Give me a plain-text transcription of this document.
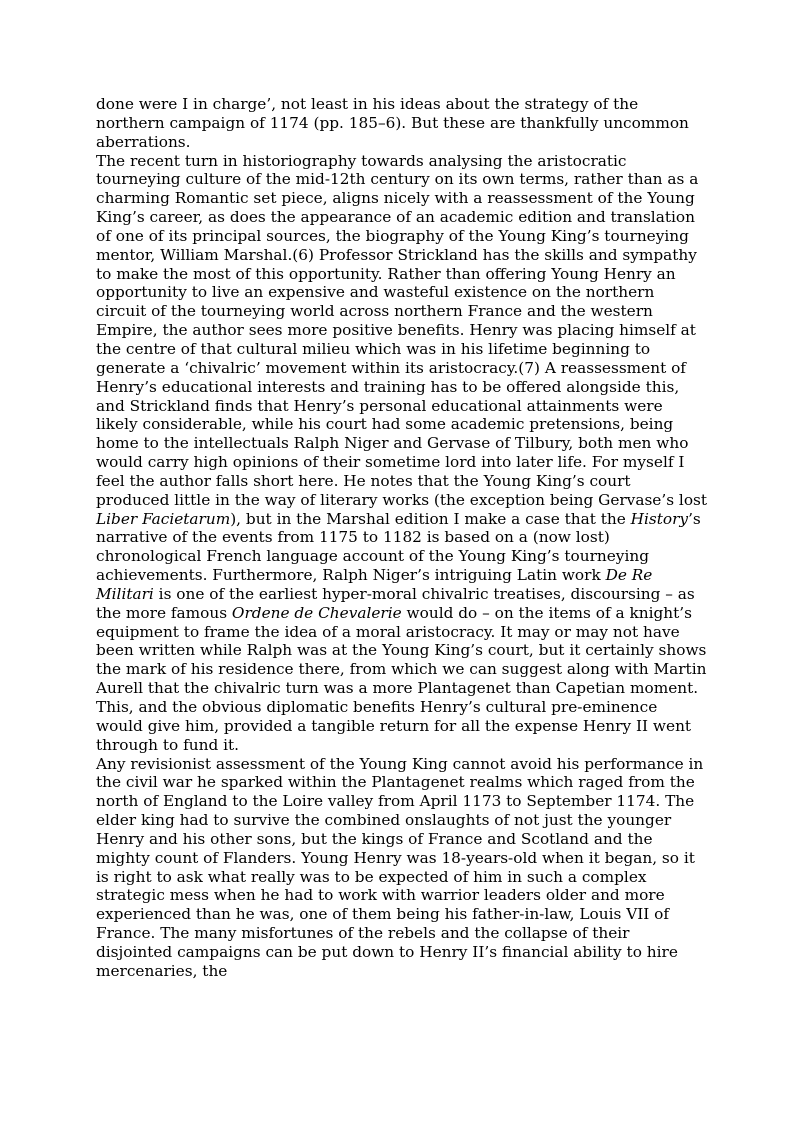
done were I in charge’, not least in his ideas about the strategy of the northern campaign of 1174 (pp. 185–6). But these are thankfully uncommon aberrations.

The recent turn in historiography towards analysing the aristocratic tourneying culture of the mid-12th century on its own terms, rather than as a charming Romantic set piece, aligns nicely with a reassessment of the Young King’s career, as does the appearance of an academic edition and translation of one of its principal sources, the biography of the Young King’s tourneying mentor, William Marshal.(6) Professor Strickland has the skills and sympathy to make the most of this opportunity. Rather than offering Young Henry an opportunity to live an expensive and wasteful existence on the northern circuit of the tourneying world across northern France and the western Empire, the author sees more positive benefits. Henry was placing himself at the centre of that cultural milieu which was in his lifetime beginning to generate a ‘chivalric’ movement within its aristocracy.(7) A reassessment of Henry’s educational interests and training has to be offered alongside this, and Strickland finds that Henry’s personal educational attainments were likely considerable, while his court had some academic pretensions, being home to the intellectuals Ralph Niger and Gervase of Tilbury, both men who would carry high opinions of their sometime lord into later life. For myself I feel the author falls short here. He notes that the Young King’s court produced little in the way of literary works (the exception being Gervase’s lost Liber Facietarum), but in the Marshal edition I make a case that the History’s narrative of the events from 1175 to 1182 is based on a (now lost) chronological French language account of the Young King’s tourneying achievements. Furthermore, Ralph Niger’s intriguing Latin work De Re Militari is one of the earliest hyper-moral chivalric treatises, discoursing – as the more famous Ordene de Chevalerie would do – on the items of a knight’s equipment to frame the idea of a moral aristocracy. It may or may not have been written while Ralph was at the Young King’s court, but it certainly shows the mark of his residence there, from which we can suggest along with Martin Aurell that the chivalric turn was a more Plantagenet than Capetian moment. This, and the obvious diplomatic benefits Henry’s cultural pre-eminence would give him, provided a tangible return for all the expense Henry II went through to fund it.

Any revisionist assessment of the Young King cannot avoid his performance in the civil war he sparked within the Plantagenet realms which raged from the north of England to the Loire valley from April 1173 to September 1174. The elder king had to survive the combined onslaughts of not just the younger Henry and his other sons, but the kings of France and Scotland and the mighty count of Flanders. Young Henry was 18-years-old when it began, so it is right to ask what really was to be expected of him in such a complex strategic mess when he had to work with warrior leaders older and more experienced than he was, one of them being his father-in-law, Louis VII of France. The many misfortunes of the rebels and the collapse of their disjointed campaigns can be put down to Henry II’s financial ability to hire mercenaries, the
